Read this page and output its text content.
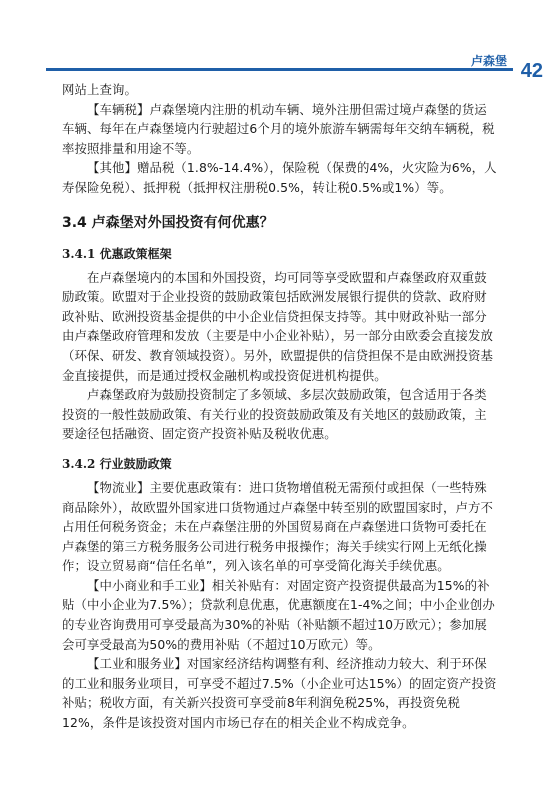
卢森堡 42

网站上查询。

【车辆税】卢森堡境内注册的机动车辆、境外注册但需过境卢森堡的货运车辆、每年在卢森堡境内行驶超过6个月的境外旅游车辆需每年交纳车辆税，税率按照排量和用途不等。

【其他】赠品税（1.8%-14.4%），保险税（保费的4%，火灾险为6%，人寿保险免税）、抵押税（抵押权注册税0.5%，转让税0.5%或1%）等。

3.4 卢森堡对外国投资有何优惠？
3.4.1 优惠政策框架

在卢森堡境内的本国和外国投资，均可同等享受欧盟和卢森堡政府双重鼓励政策。欧盟对于企业投资的鼓励政策包括欧洲发展银行提供的贷款、政府财政补贴、欧洲投资基金提供的中小企业信贷担保支持等。其中财政补贴一部分由卢森堡政府管理和发放（主要是中小企业补贴），另一部分由欧委会直接发放（环保、研发、教育领域投资）。另外，欧盟提供的信贷担保不是由欧洲投资基金直接提供，而是通过授权金融机构或投资促进机构提供。

卢森堡政府为鼓励投资制定了多领域、多层次鼓励政策，包含适用于各类投资的一般性鼓励政策、有关行业的投资鼓励政策及有关地区的鼓励政策，主要途径包括融资、固定资产投资补贴及税收优惠。

3.4.2 行业鼓励政策

【物流业】主要优惠政策有：进口货物增值税无需预付或担保（一些特殊商品除外），故欧盟外国家进口货物通过卢森堡中转至别的欧盟国家时，卢方不占用任何税务资金；未在卢森堡注册的外国贸易商在卢森堡进口货物可委托在卢森堡的第三方税务服务公司进行税务申报操作；海关手续实行网上无纸化操作；设立贸易商“信任名单”，列入该名单的可享受简化海关手续优惠。

【中小商业和手工业】相关补贴有：对固定资产投资提供最高为15%的补贴（中小企业为7.5%）；贷款利息优惠，优惠额度在1-4%之间；中小企业创办的专业咨询费用可享受最高为30%的补贴（补贴额不超过10万欧元）；参加展会可享受最高为50%的费用补贴（不超过10万欧元）等。

【工业和服务业】对国家经济结构调整有利、经济推动力较大、利于环保的工业和服务业项目，可享受不超过7.5%（小企业可达15%）的固定资产投资补贴；税收方面，有关新兴投资可享受前8年利润免税25%，再投资免税12%，条件是该投资对国内市场已存在的相关企业不构成竞争。
